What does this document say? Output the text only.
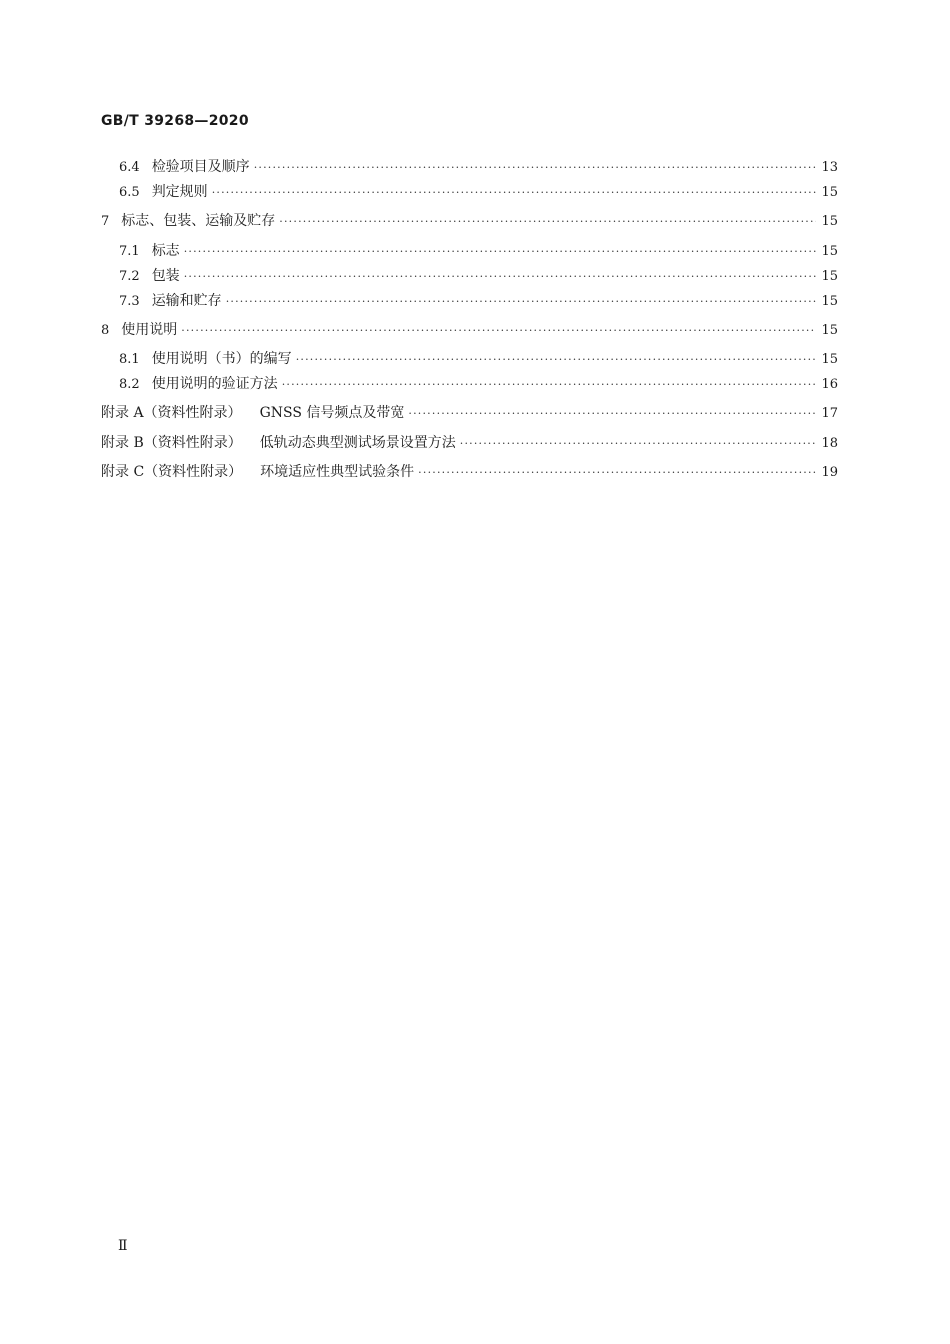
GB/T 39268—2020
6.4 检验项目及顺序 ·····	13
6.5 判定规则 ·····	15
7 标志、包装、运输及贮存 ·····	15
7.1 标志 ·····	15
7.2 包装 ·····	15
7.3 运输和贮存 ·····	15
8 使用说明 ·····	15
8.1 使用说明（书）的编写 ·····	15
8.2 使用说明的验证方法 ·····	16
附录 A（资料性附录） GNSS 信号频点及带宽 ·····	17
附录 B（资料性附录） 低轨动态典型测试场景设置方法 ·····	18
附录 C（资料性附录） 环境适应性典型试验条件 ·····	19
Ⅱ
